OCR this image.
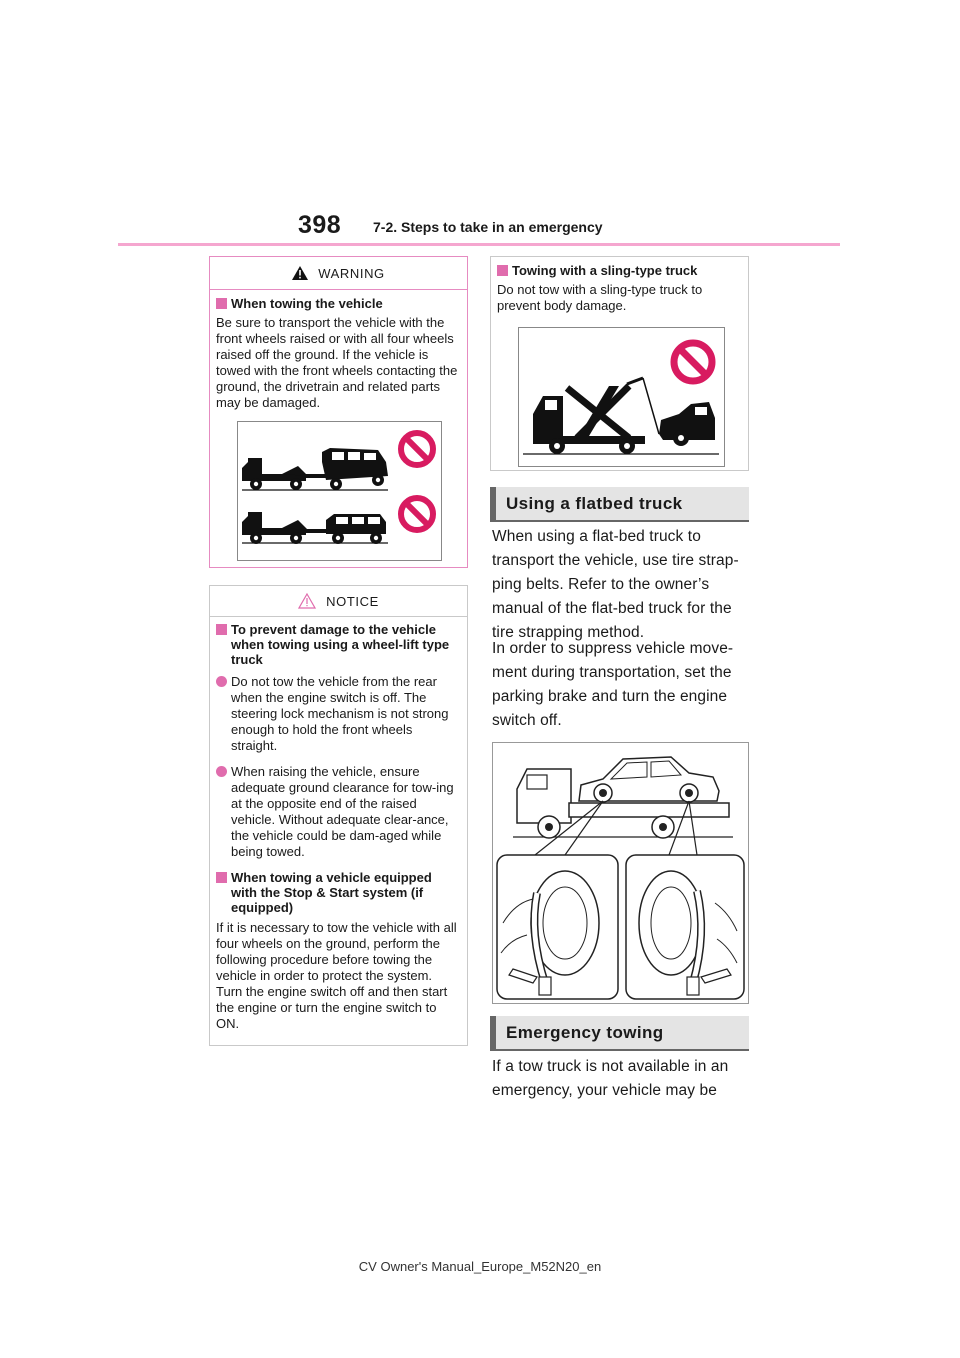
398 7-2. Steps to take in an emergency
WARNING
When towing the vehicle
Be sure to transport the vehicle with the front wheels raised or with all four wheels raised off the ground. If the vehicle is towed with the front wheels contacting the ground, the drivetrain and related parts may be damaged.
NOTICE
To prevent damage to the vehicle when towing using a wheel-lift type truck
Do not tow the vehicle from the rear when the engine switch is off. The steering lock mechanism is not strong enough to hold the front wheels straight.
When raising the vehicle, ensure adequate ground clearance for tow-ing at the opposite end of the raised vehicle. Without adequate clear-ance, the vehicle could be dam-aged while being towed.
When towing a vehicle equipped with the Stop & Start system (if equipped)
If it is necessary to tow the vehicle with all four wheels on the ground, perform the following procedure before towing the vehicle in order to protect the system. Turn the engine switch off and then start the engine or turn the engine switch to ON.
Towing with a sling-type truck
Do not tow with a sling-type truck to prevent body damage.
Using a flatbed truck
When using a flat-bed truck to transport the vehicle, use tire strap-ping belts. Refer to the owner’s manual of the flat-bed truck for the tire strapping method.
In order to suppress vehicle move-ment during transportation, set the parking brake and turn the engine switch off.
Emergency towing
If a tow truck is not available in an emergency, your vehicle may be
CV Owner's Manual_Europe_M52N20_en
